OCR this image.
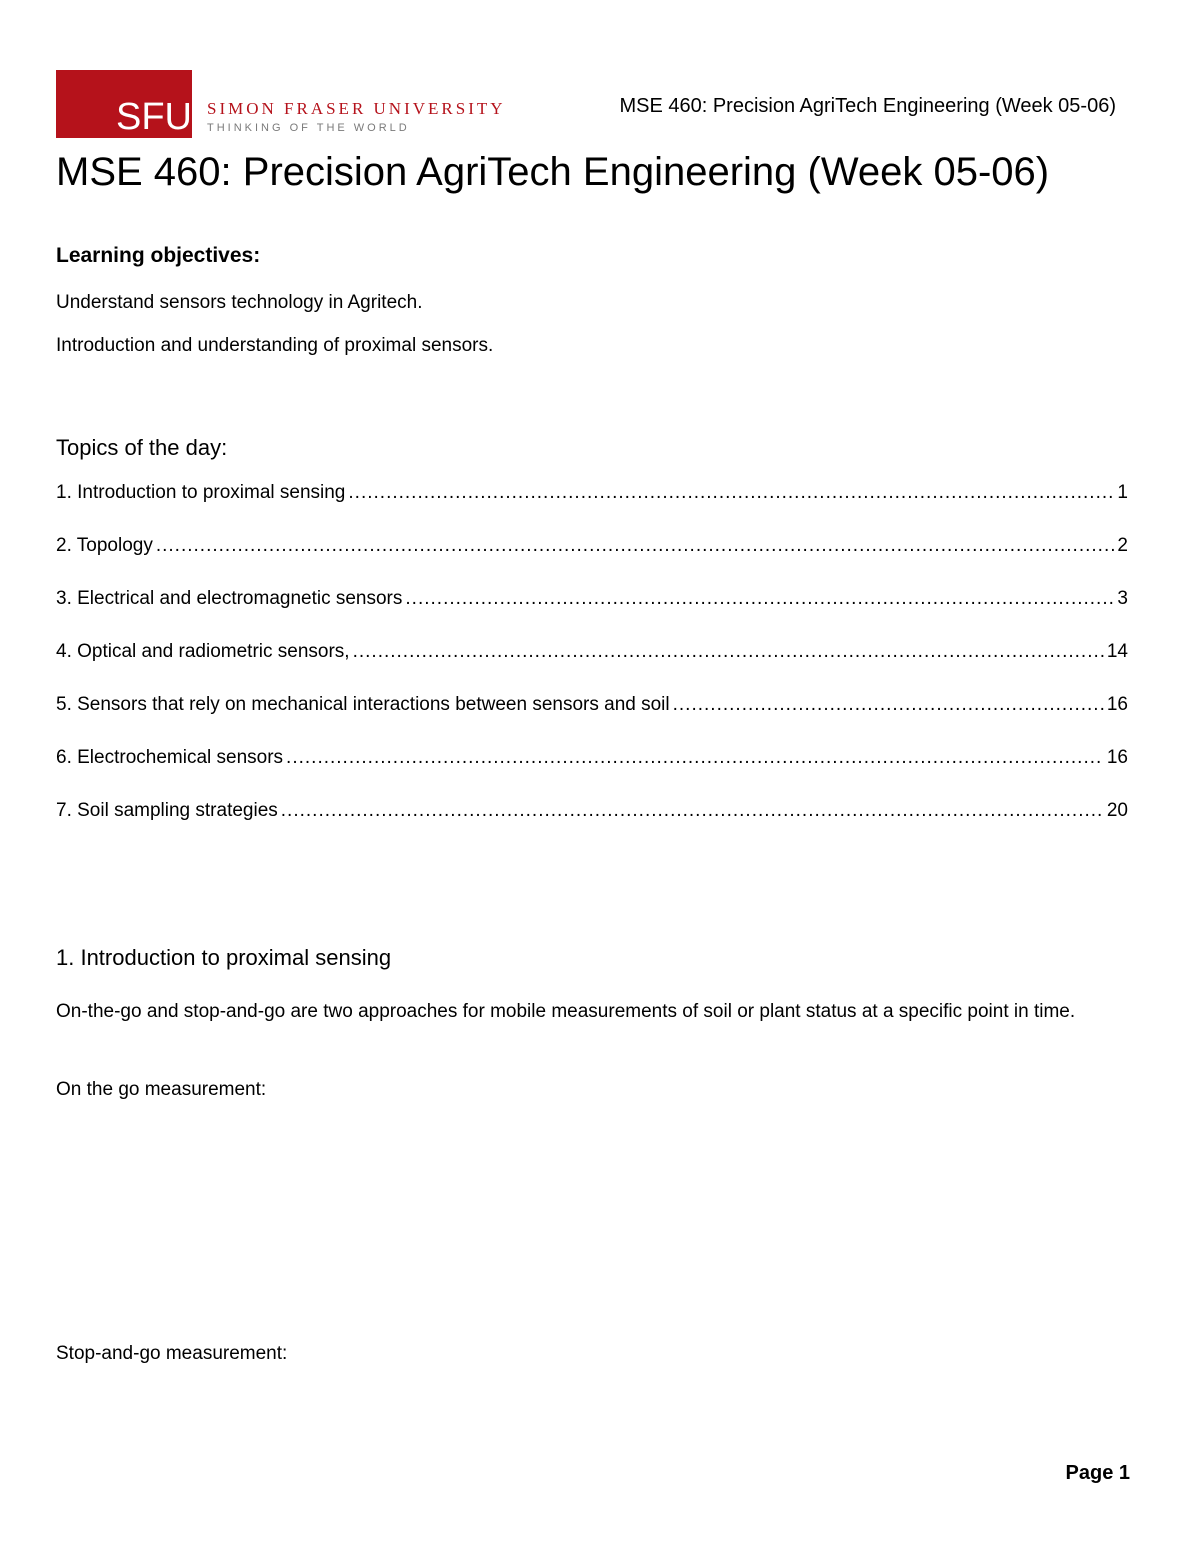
SFU SIMON FRASER UNIVERSITY
THINKING OF THE WORLD
MSE 460: Precision AgriTech Engineering (Week 05-06)
MSE 460: Precision AgriTech Engineering (Week 05-06)
Learning objectives:
Understand sensors technology in Agritech.
Introduction and understanding of proximal sensors.
Topics of the day:
1. Introduction to proximal sensing .....	1
2. Topology .....	2
3. Electrical and electromagnetic sensors .....	3
4. Optical and radiometric sensors, .....	14
5. Sensors that rely on mechanical interactions between sensors and soil .....	16
6. Electrochemical sensors .....	16
7. Soil sampling strategies .....	20
1. Introduction to proximal sensing
On-the-go and stop-and-go are two approaches for mobile measurements of soil or plant status at a specific point in time.
On the go measurement:
Stop-and-go measurement:
Page 1
